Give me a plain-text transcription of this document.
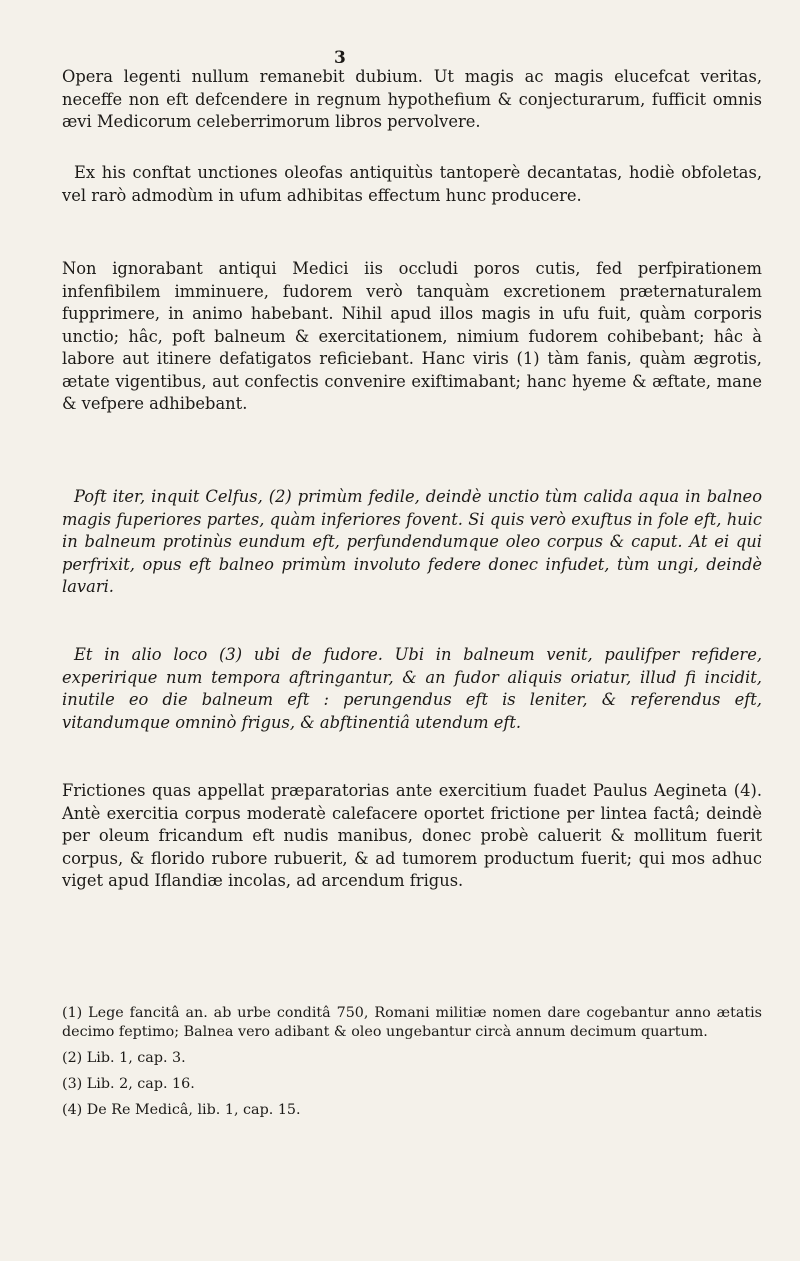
3

Opera legenti nullum remanebit dubium. Ut magis ac magis elucefcat veritas, neceffe non eft defcendere in regnum hypothefium & conjecturarum, fufficit omnis ævi Medicorum celeberrimorum libros pervolvere.

Ex his conftat unctiones oleofas antiquitùs tantoperè decantatas, hodiè obfoletas, vel rarò admodùm in ufum adhibitas effectum hunc producere.

Non ignorabant antiqui Medici iis occludi poros cutis, fed perfpirationem infenfibilem imminuere, fudorem verò tanquàm excretionem præternaturalem fupprimere, in animo habebant. Nihil apud illos magis in ufu fuit, quàm corporis unctio; hâc, poft balneum & exercitationem, nimium fudorem cohibebant; hâc à labore aut itinere defatigatos reficiebant. Hanc viris (1) tàm fanis, quàm ægrotis, ætate vigentibus, aut confectis convenire exiftimabant; hanc hyeme & æftate, mane & vefpere adhibebant.

Poft iter, inquit Celfus, (2) primùm fedile, deindè unctio tùm calida aqua in balneo magis fuperiores partes, quàm inferiores fovent. Si quis verò exuftus in fole eft, huic in balneum protinùs eundum eft, perfundendumque oleo corpus & caput. At ei qui perfrixit, opus eft balneo primùm involuto federe donec infudet, tùm ungi, deindè lavari.

Et in alio loco (3) ubi de fudore. Ubi in balneum venit, paulifper refidere, experirique num tempora aftringantur, & an fudor aliquis oriatur, illud fi incidit, inutile eo die balneum eft : perungendus eft is leniter, & referendus eft, vitandumque omninò frigus, & abftinentiâ utendum eft.

Frictiones quas appellat præparatorias ante exercitium fuadet Paulus Aegineta (4). Antè exercitia corpus moderatè calefacere oportet frictione per lintea factâ; deindè per oleum fricandum eft nudis manibus, donec probè caluerit & mollitum fuerit corpus, & florido rubore rubuerit, & ad tumorem productum fuerit; qui mos adhuc viget apud Iflandiæ incolas, ad arcendum frigus.

(1) Lege fancitâ an. ab urbe conditâ 750, Romani militiæ nomen dare cogebantur anno ætatis decimo feptimo; Balnea vero adibant & oleo ungebantur circà annum decimum quartum.

(2) Lib. 1, cap. 3.

(3) Lib. 2, cap. 16.

(4) De Re Medicâ, lib. 1, cap. 15.
